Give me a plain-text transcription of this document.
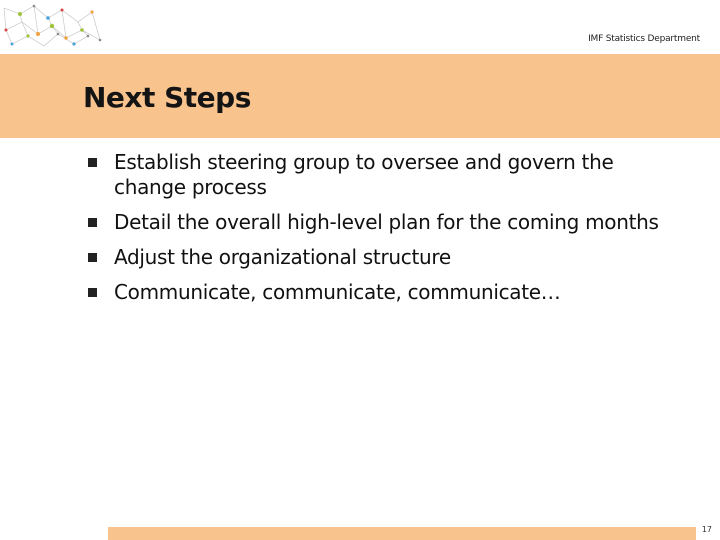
IMF Statistics Department
Next Steps
Establish steering group to oversee and govern the change process
Detail the overall high-level plan for the coming months
Adjust the organizational structure
Communicate, communicate, communicate…
17
